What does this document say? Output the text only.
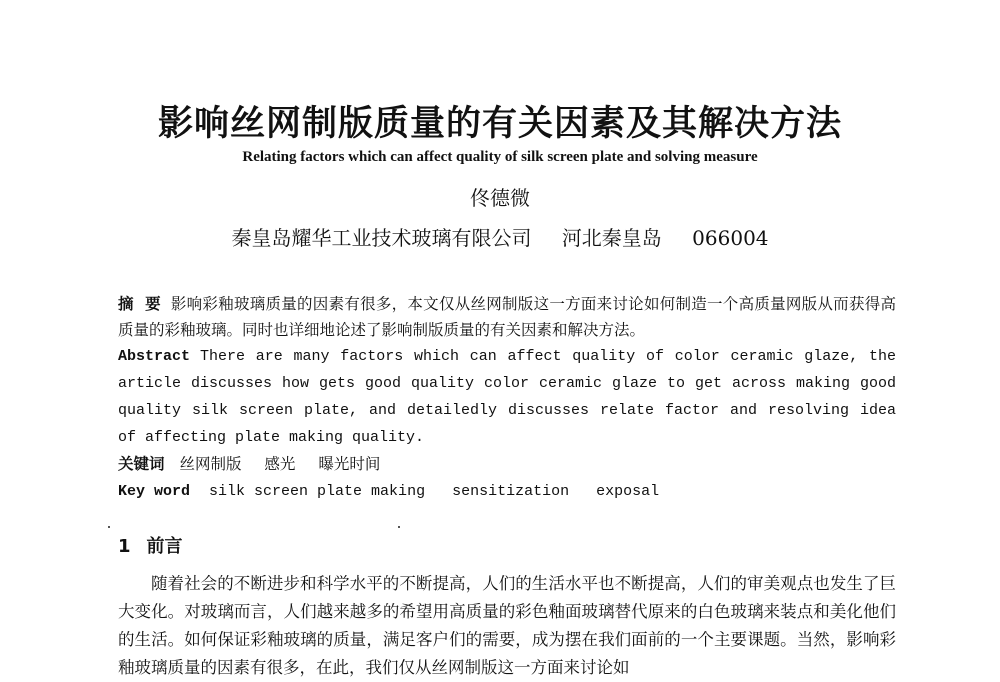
影响丝网制版质量的有关因素及其解决方法
Relating factors which can affect quality of silk screen plate and solving measure
佟德微
秦皇岛耀华工业技术玻璃有限公司 河北秦皇岛 066004
摘  要 影响彩釉玻璃质量的因素有很多，本文仅从丝网制版这一方面来讨论如何制造一个高质量网版从而获得高质量的彩釉玻璃。同时也详细地论述了影响制版质量的有关因素和解决方法。
Abstract There are many factors which can affect quality of color ceramic glaze, the article discusses how gets good quality color ceramic glaze to get across making good quality silk screen plate, and detailedly discusses relate factor and resolving idea of affecting plate making quality.
关键词 丝网制版 感光 曝光时间
Key word silk screen plate making sensitization exposal
1 前言
随着社会的不断进步和科学水平的不断提高，人们的生活水平也不断提高，人们的审美观点也发生了巨大变化。对玻璃而言，人们越来越多的希望用高质量的彩色釉面玻璃替代原来的白色玻璃来装点和美化他们的生活。如何保证彩釉玻璃的质量，满足客户们的需要，成为摆在我们面前的一个主要课题。当然，影响彩釉玻璃质量的因素有很多，在此，我们仅从丝网制版这一方面来讨论如
